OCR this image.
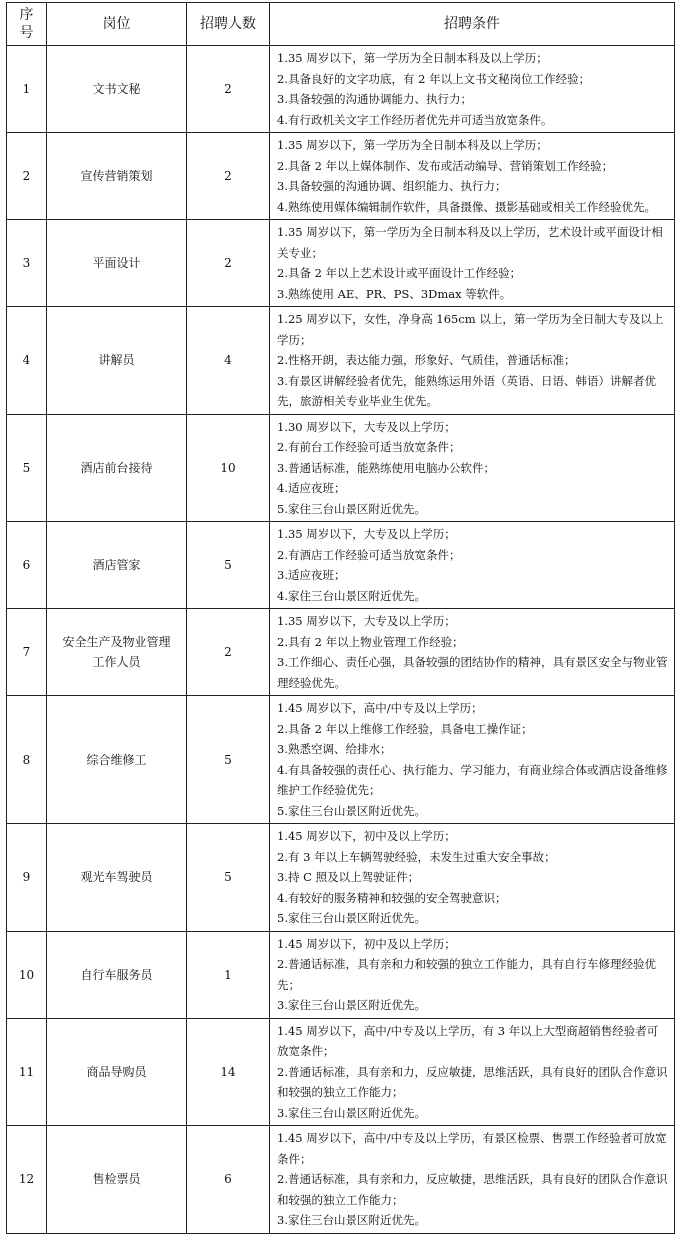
序号	岗位	招聘人数	招聘条件
1	文书文秘	2	1.35 周岁以下，第一学历为全日制本科及以上学历；
2.具备良好的文字功底，有 2 年以上文书文秘岗位工作经验；
3.具备较强的沟通协调能力、执行力；
4.有行政机关文字工作经历者优先并可适当放宽条件。

2	宣传营销策划	2	1.35 周岁以下，第一学历为全日制本科及以上学历；
2.具备 2 年以上媒体制作、发布或活动编导、营销策划工作经验；
3.具备较强的沟通协调、组织能力、执行力；
4.熟练使用媒体编辑制作软件，具备摄像、摄影基础或相关工作经验优先。

3	平面设计	2	1.35 周岁以下，第一学历为全日制本科及以上学历，艺术设计或平面设计相关专业；
2.具备 2 年以上艺术设计或平面设计工作经验；
3.熟练使用 AE、PR、PS、3Dmax 等软件。

4	讲解员	4	1.25 周岁以下，女性，净身高 165cm 以上，第一学历为全日制大专及以上学历；
2.性格开朗，表达能力强，形象好、气质佳，普通话标准；
3.有景区讲解经验者优先，能熟练运用外语（英语、日语、韩语）讲解者优先，旅游相关专业毕业生优先。

5	酒店前台接待	10	1.30 周岁以下，大专及以上学历；
2.有前台工作经验可适当放宽条件；
3.普通话标准，能熟练使用电脑办公软件；
4.适应夜班；
5.家住三台山景区附近优先。

6	酒店管家	5	1.35 周岁以下，大专及以上学历；
2.有酒店工作经验可适当放宽条件；
3.适应夜班；
4.家住三台山景区附近优先。

7	安全生产及物业管理工作人员	2	1.35 周岁以下，大专及以上学历；
2.具有 2 年以上物业管理工作经验；
3.工作细心、责任心强，具备较强的团结协作的精神，具有景区安全与物业管理经验优先。

8	综合维修工	5	1.45 周岁以下，高中/中专及以上学历；
2.具备 2 年以上维修工作经验，具备电工操作证；
3.熟悉空调、给排水；
4.有具备较强的责任心、执行能力、学习能力，有商业综合体或酒店设备维修维护工作经验优先；
5.家住三台山景区附近优先。

9	观光车驾驶员	5	1.45 周岁以下，初中及以上学历；
2.有 3 年以上车辆驾驶经验，未发生过重大安全事故；
3.持 C 照及以上驾驶证件；
4.有较好的服务精神和较强的安全驾驶意识；
5.家住三台山景区附近优先。

10	自行车服务员	1	1.45 周岁以下，初中及以上学历；
2.普通话标准，具有亲和力和较强的独立工作能力，具有自行车修理经验优先；
3.家住三台山景区附近优先。

11	商品导购员	14	1.45 周岁以下，高中/中专及以上学历，有 3 年以上大型商超销售经验者可放宽条件；
2.普通话标准，具有亲和力，反应敏捷，思维活跃，具有良好的团队合作意识和较强的独立工作能力；
3.家住三台山景区附近优先。

12	售检票员	6	1.45 周岁以下，高中/中专及以上学历，有景区检票、售票工作经验者可放宽条件；
2.普通话标准，具有亲和力，反应敏捷，思维活跃，具有良好的团队合作意识和较强的独立工作能力；
3.家住三台山景区附近优先。
